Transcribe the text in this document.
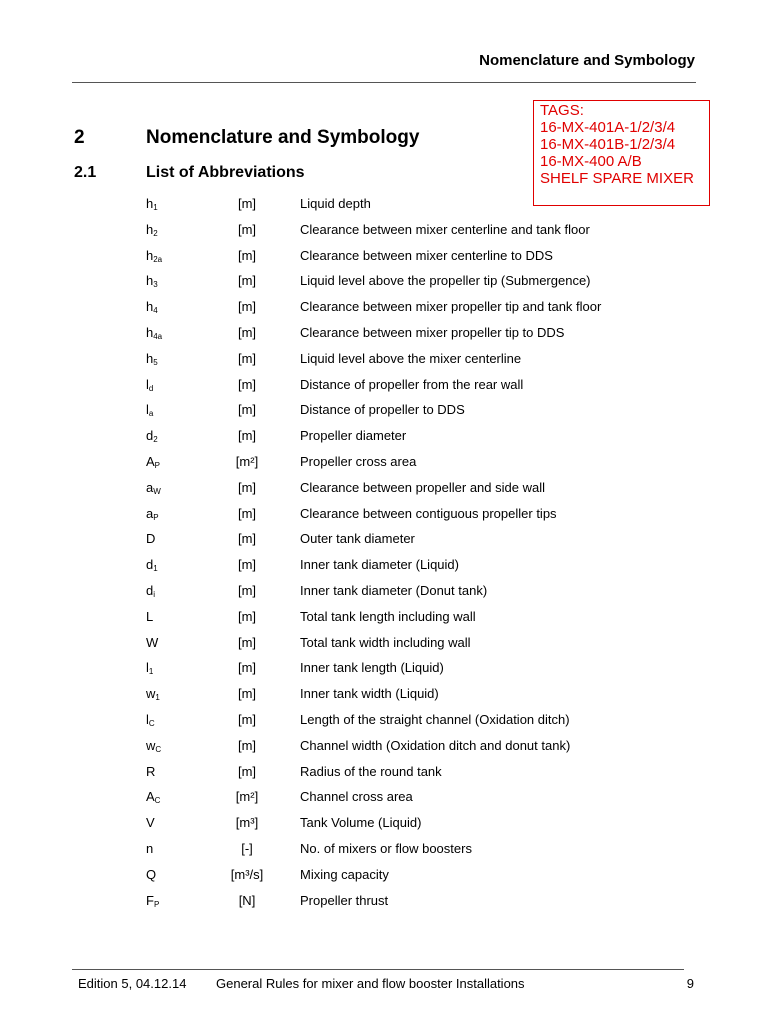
Nomenclature and Symbology
TAGS:
16-MX-401A-1/2/3/4
16-MX-401B-1/2/3/4
16-MX-400 A/B
SHELF SPARE MIXER
2	Nomenclature and Symbology
2.1	List of Abbreviations
$h_1$	[m]	Liquid depth
$h_2$	[m]	Clearance between mixer centerline and tank floor
$h_{2a}$	[m]	Clearance between mixer centerline to DDS
$h_3$	[m]	Liquid level above the propeller tip (Submergence)
$h_4$	[m]	Clearance between mixer propeller tip and tank floor
$h_{4a}$	[m]	Clearance between mixer propeller tip to DDS
$h_5$	[m]	Liquid level above the mixer centerline
$l_d$	[m]	Distance of propeller from the rear wall
$l_a$	[m]	Distance of propeller to DDS
$d_2$	[m]	Propeller diameter
$A_P$	[m²]	Propeller cross area
$a_W$	[m]	Clearance between propeller and side wall
$a_P$	[m]	Clearance between contiguous propeller tips
D	[m]	Outer tank diameter
$d_1$	[m]	Inner tank diameter (Liquid)
$d_i$	[m]	Inner tank diameter (Donut tank)
L	[m]	Total tank length including wall
W	[m]	Total tank width including wall
$l_1$	[m]	Inner tank length (Liquid)
$w_1$	[m]	Inner tank width (Liquid)
$l_C$	[m]	Length of the straight channel (Oxidation ditch)
$w_C$	[m]	Channel width (Oxidation ditch and donut tank)
R	[m]	Radius of the round tank
$A_C$	[m²]	Channel cross area
V	[m³]	Tank Volume (Liquid)
n	[-]	No. of mixers or flow boosters
Q	[m³/s]	Mixing capacity
$F_P$	[N]	Propeller thrust
Edition 5, 04.12.14 General Rules for mixer and flow booster Installations	9
